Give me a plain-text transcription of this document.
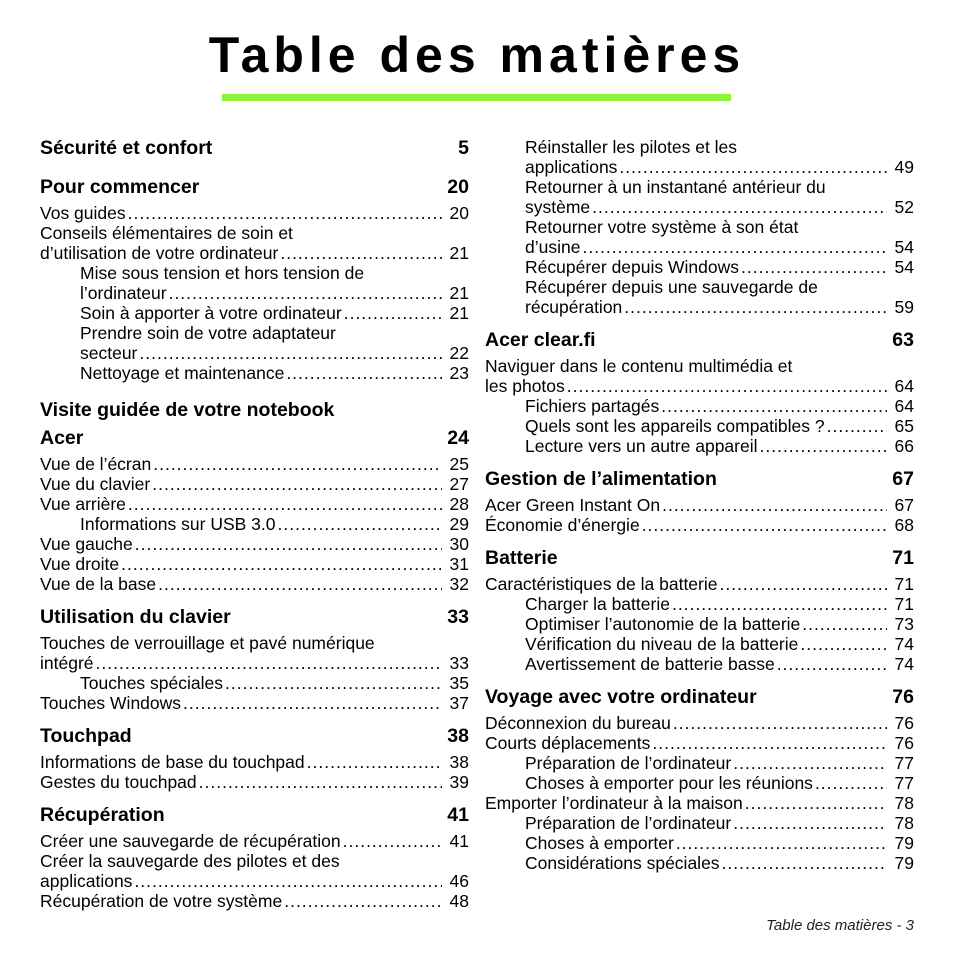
Table des matières
Sécurité et confort	5
Pour commencer	20
Vos guides .....	20
Conseils élémentaires de soin et
d’utilisation de votre ordinateur .....	21
Mise sous tension et hors tension de
l’ordinateur .....	21
Soin à apporter à votre ordinateur .....	21
Prendre soin de votre adaptateur
secteur .....	22
Nettoyage et maintenance .....	23
Visite guidée de votre notebook
Acer	24
Vue de l’écran .....	25
Vue du clavier .....	27
Vue arrière .....	28
Informations sur USB 3.0 .....	29
Vue gauche .....	30
Vue droite .....	31
Vue de la base .....	32
Utilisation du clavier	33
Touches de verrouillage et pavé numérique
intégré .....	33
Touches spéciales .....	35
Touches Windows .....	37
Touchpad	38
Informations de base du touchpad .....	38
Gestes du touchpad .....	39
Récupération	41
Créer une sauvegarde de récupération .....	41
Créer la sauvegarde des pilotes et des
applications .....	46
Récupération de votre système .....	48
Réinstaller les pilotes et les
applications .....	49
Retourner à un instantané antérieur du
système .....	52
Retourner votre système à son état
d’usine .....	54
Récupérer depuis Windows .....	54
Récupérer depuis une sauvegarde de
récupération .....	59
Acer clear.fi	63
Naviguer dans le contenu multimédia et
les photos .....	64
Fichiers partagés .....	64
Quels sont les appareils compatibles ? .....	65
Lecture vers un autre appareil .....	66
Gestion de l’alimentation	67
Acer Green Instant On .....	67
Économie d’énergie .....	68
Batterie	71
Caractéristiques de la batterie .....	71
Charger la batterie .....	71
Optimiser l’autonomie de la batterie .....	73
Vérification du niveau de la batterie .....	74
Avertissement de batterie basse .....	74
Voyage avec votre ordinateur	76
Déconnexion du bureau .....	76
Courts déplacements .....	76
Préparation de l’ordinateur .....	77
Choses à emporter pour les réunions .....	77
Emporter l’ordinateur à la maison .....	78
Préparation de l’ordinateur .....	78
Choses à emporter .....	79
Considérations spéciales .....	79
Table des matières - 3
